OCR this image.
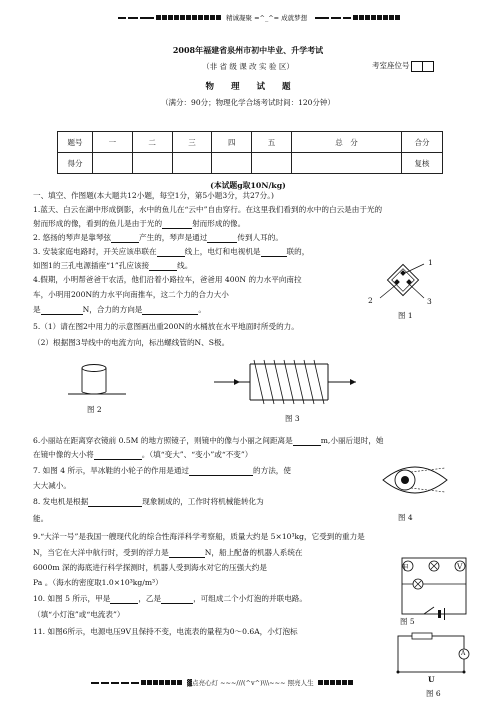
精诚凝聚 =^_^= 成就梦想
2008年福建省泉州市初中毕业、升学考试
（非 省 级 课 改 实 验 区）	考室座位号
物　　理　　试　　题
（满分：90分；物理化学合场考试时间：120分钟）
题号	一	二	三	四	五	总　分	合分
得分							复核
(本试题g取10N/kg)
一、填空、作图题(本大题共12小题，每空1分，第5小题3分，共27分。)
1.蓝天、白云在湖中形成倒影，水中的鱼儿在“云中”自由穿行。在这里我们看到的水中的白云是由于光的
射而形成的像，看到的鱼儿是由于光的	射而形成的像。
2. 悠扬的琴声是靠琴弦	产生的，琴声是通过	传到人耳的。
3. 安装家庭电路时，开关应该串联在	线上，电灯和电视机是	联的，
如图1的三孔电源插座“1”孔应该接	线。
4.假期，小明帮爸爸干农活，他们沿着小路拉车，爸爸用 400N 的力水平向南拉
车，小明用200N的力水平向南推车，这二个力的合力大小
是	N，合力的方向是	。
1
2	3
图 1
5.（1）请在图2中用力的示意图画出重200N的水桶放在水平地面时所受的力。
（2）根据图3导线中的电流方向，标出螺线管的N、S极。
图 2
图 3
6.小丽站在距离穿衣镜前 0.5M 的地方照镜子，则镜中的像与小丽之间距离是	m,小丽后退时，她
在镜中像的大小将	。（填“变大”、“变小”或“不变”）
7. 如图 4 所示，旱冰鞋的小轮子的作用是通过	的方法，使
大大减小。
8. 发电机是根据	现象制成的，工作时将机械能转化为
能。	图 4
9.“大洋一号”是我国一艘现代化的综合性海洋科学考察船，质量大约是 5×10³kg，它受到的重力是
N，当它在大洋中航行时，受到的浮力是	N，船上配备的机器人系统在
6000m 深的海底进行科学探测时，机器人受到海水对它的压强大约是
Pa 。（海水的密度取1.0×10³kg/m³）
10. 如图 5 所示，甲是	，乙是	，可组成二个小灯泡的并联电路。
（填“小灯泡”或“电流表”）
11. 如图6所示，电源电压9V且保持不变，电流表的量程为0～0.6A，小灯泡标
甲	V
图 5
A
U
图 6
▓点亮心灯 ~~~///(^v^)\\\~~~ 照亮人生
